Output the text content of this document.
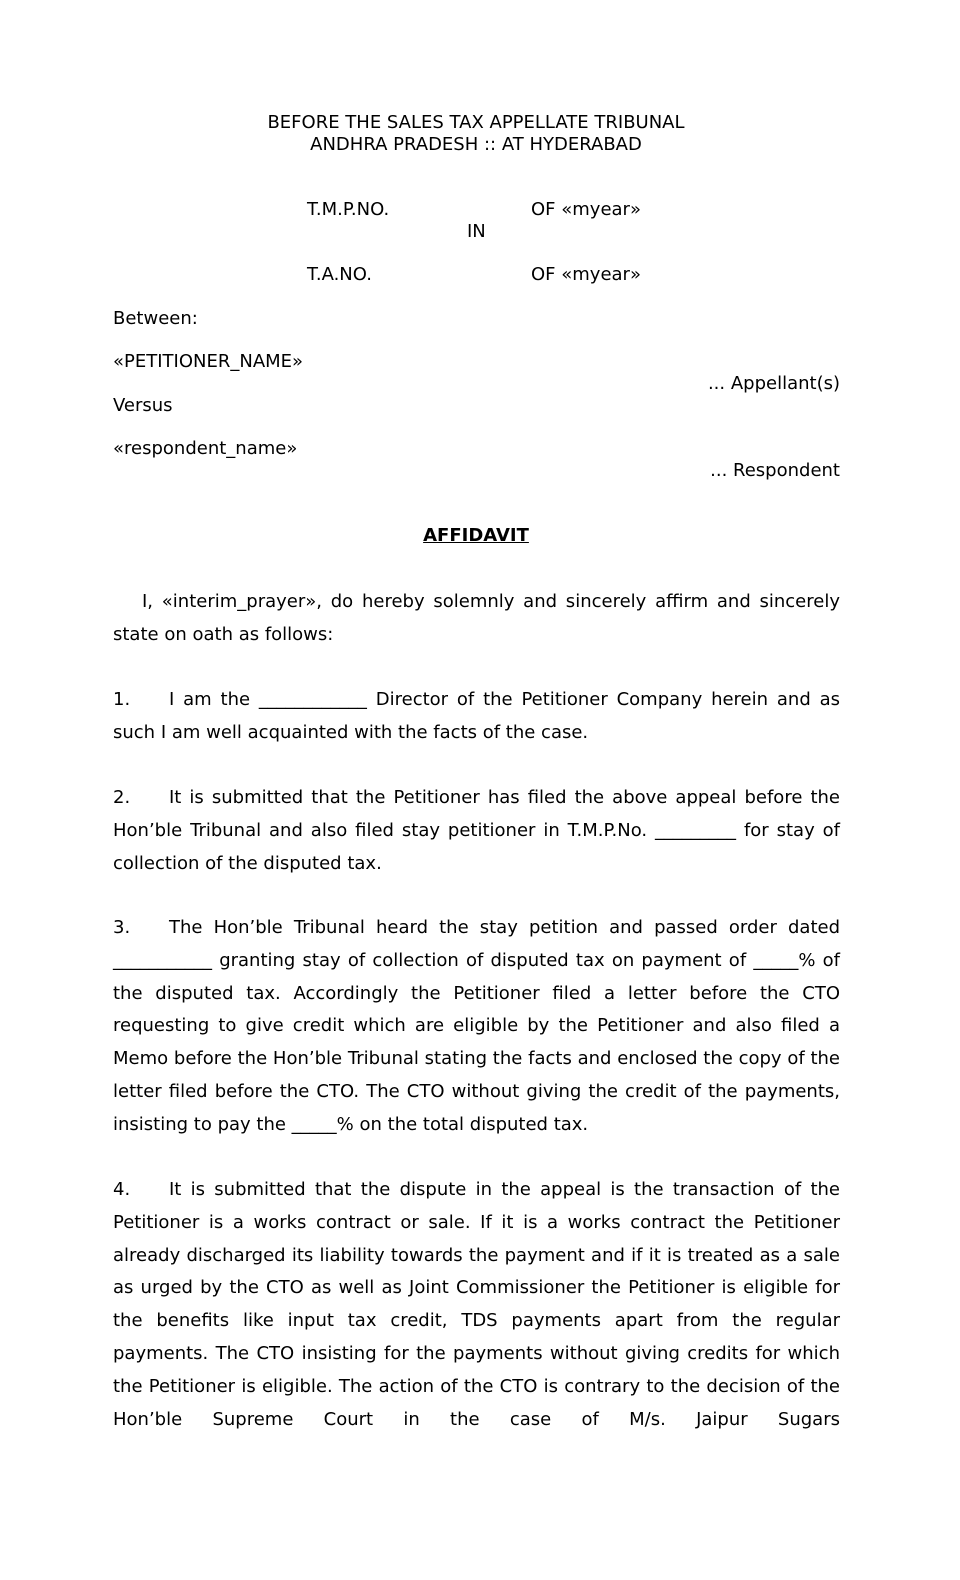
BEFORE THE SALES TAX APPELLATE TRIBUNAL
ANDHRA PRADESH :: AT HYDERABAD
T.M.P.NO.	OF «myear»
IN
T.A.NO.	OF «myear»
Between:
«PETITIONER_NAME»
... Appellant(s)
Versus
«respondent_name»
... Respondent
AFFIDAVIT

I, «interim_prayer», do hereby solemnly and sincerely affirm and sincerely state on oath as follows:

1. I am the ____________ Director of the Petitioner Company herein and as such I am well acquainted with the facts of the case.

2. It is submitted that the Petitioner has filed the above appeal before the Hon’ble Tribunal and also filed stay petitioner in T.M.P.No. _________ for stay of collection of the disputed tax.

3. The Hon’ble Tribunal heard the stay petition and passed order dated ___________ granting stay of collection of disputed tax on payment of _____% of the disputed tax. Accordingly the Petitioner filed a letter before the CTO requesting to give credit which are eligible by the Petitioner and also filed a Memo before the Hon’ble Tribunal stating the facts and enclosed the copy of the letter filed before the CTO. The CTO without giving the credit of the payments, insisting to pay the _____% on the total disputed tax.

4. It is submitted that the dispute in the appeal is the transaction of the Petitioner is a works contract or sale. If it is a works contract the Petitioner already discharged its liability towards the payment and if it is treated as a sale as urged by the CTO as well as Joint Commissioner the Petitioner is eligible for the benefits like input tax credit, TDS payments apart from the regular payments. The CTO insisting for the payments without giving credits for which the Petitioner is eligible. The action of the CTO is contrary to the decision of the Hon’ble Supreme Court in the case of M/s. Jaipur Sugars
